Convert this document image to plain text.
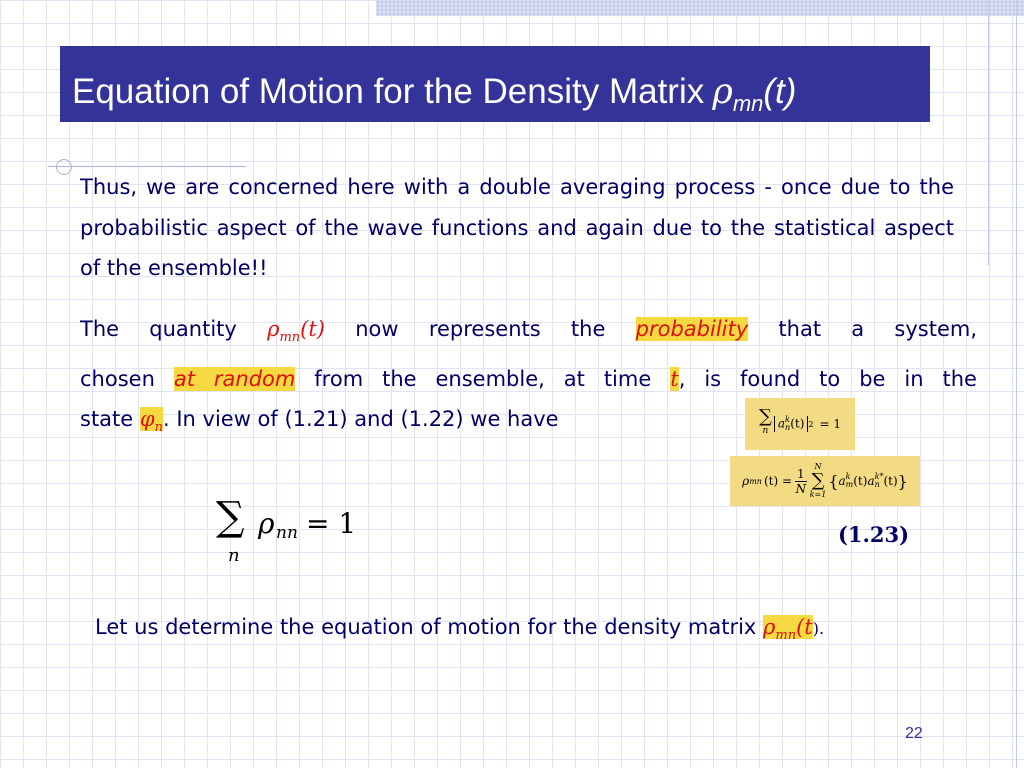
Equation of Motion for the Density Matrix $\rho_{mn}(t)$
Thus, we are concerned here with a double averaging process - once due to the probabilistic aspect of the wave functions and again due to the statistical aspect of the ensemble!!
The quantity $\rho_{mn}(t)$ now represents the probability that a system,
chosen at random from the ensemble, at time t, is found to be in the
state $\varphi_n$. In view of (1.21) and (1.22) we have	∑
n
a k
n (t) 2 = 1
ρ mn $(t) = \frac{1}{N}$ N
∑
k=1
{ a k
m (t) a k*
n (t) }
∑
n
ρ nn = 1	(1.23)
Let us determine the equation of motion for the density matrix $\rho_{mn}(t)$.
22
